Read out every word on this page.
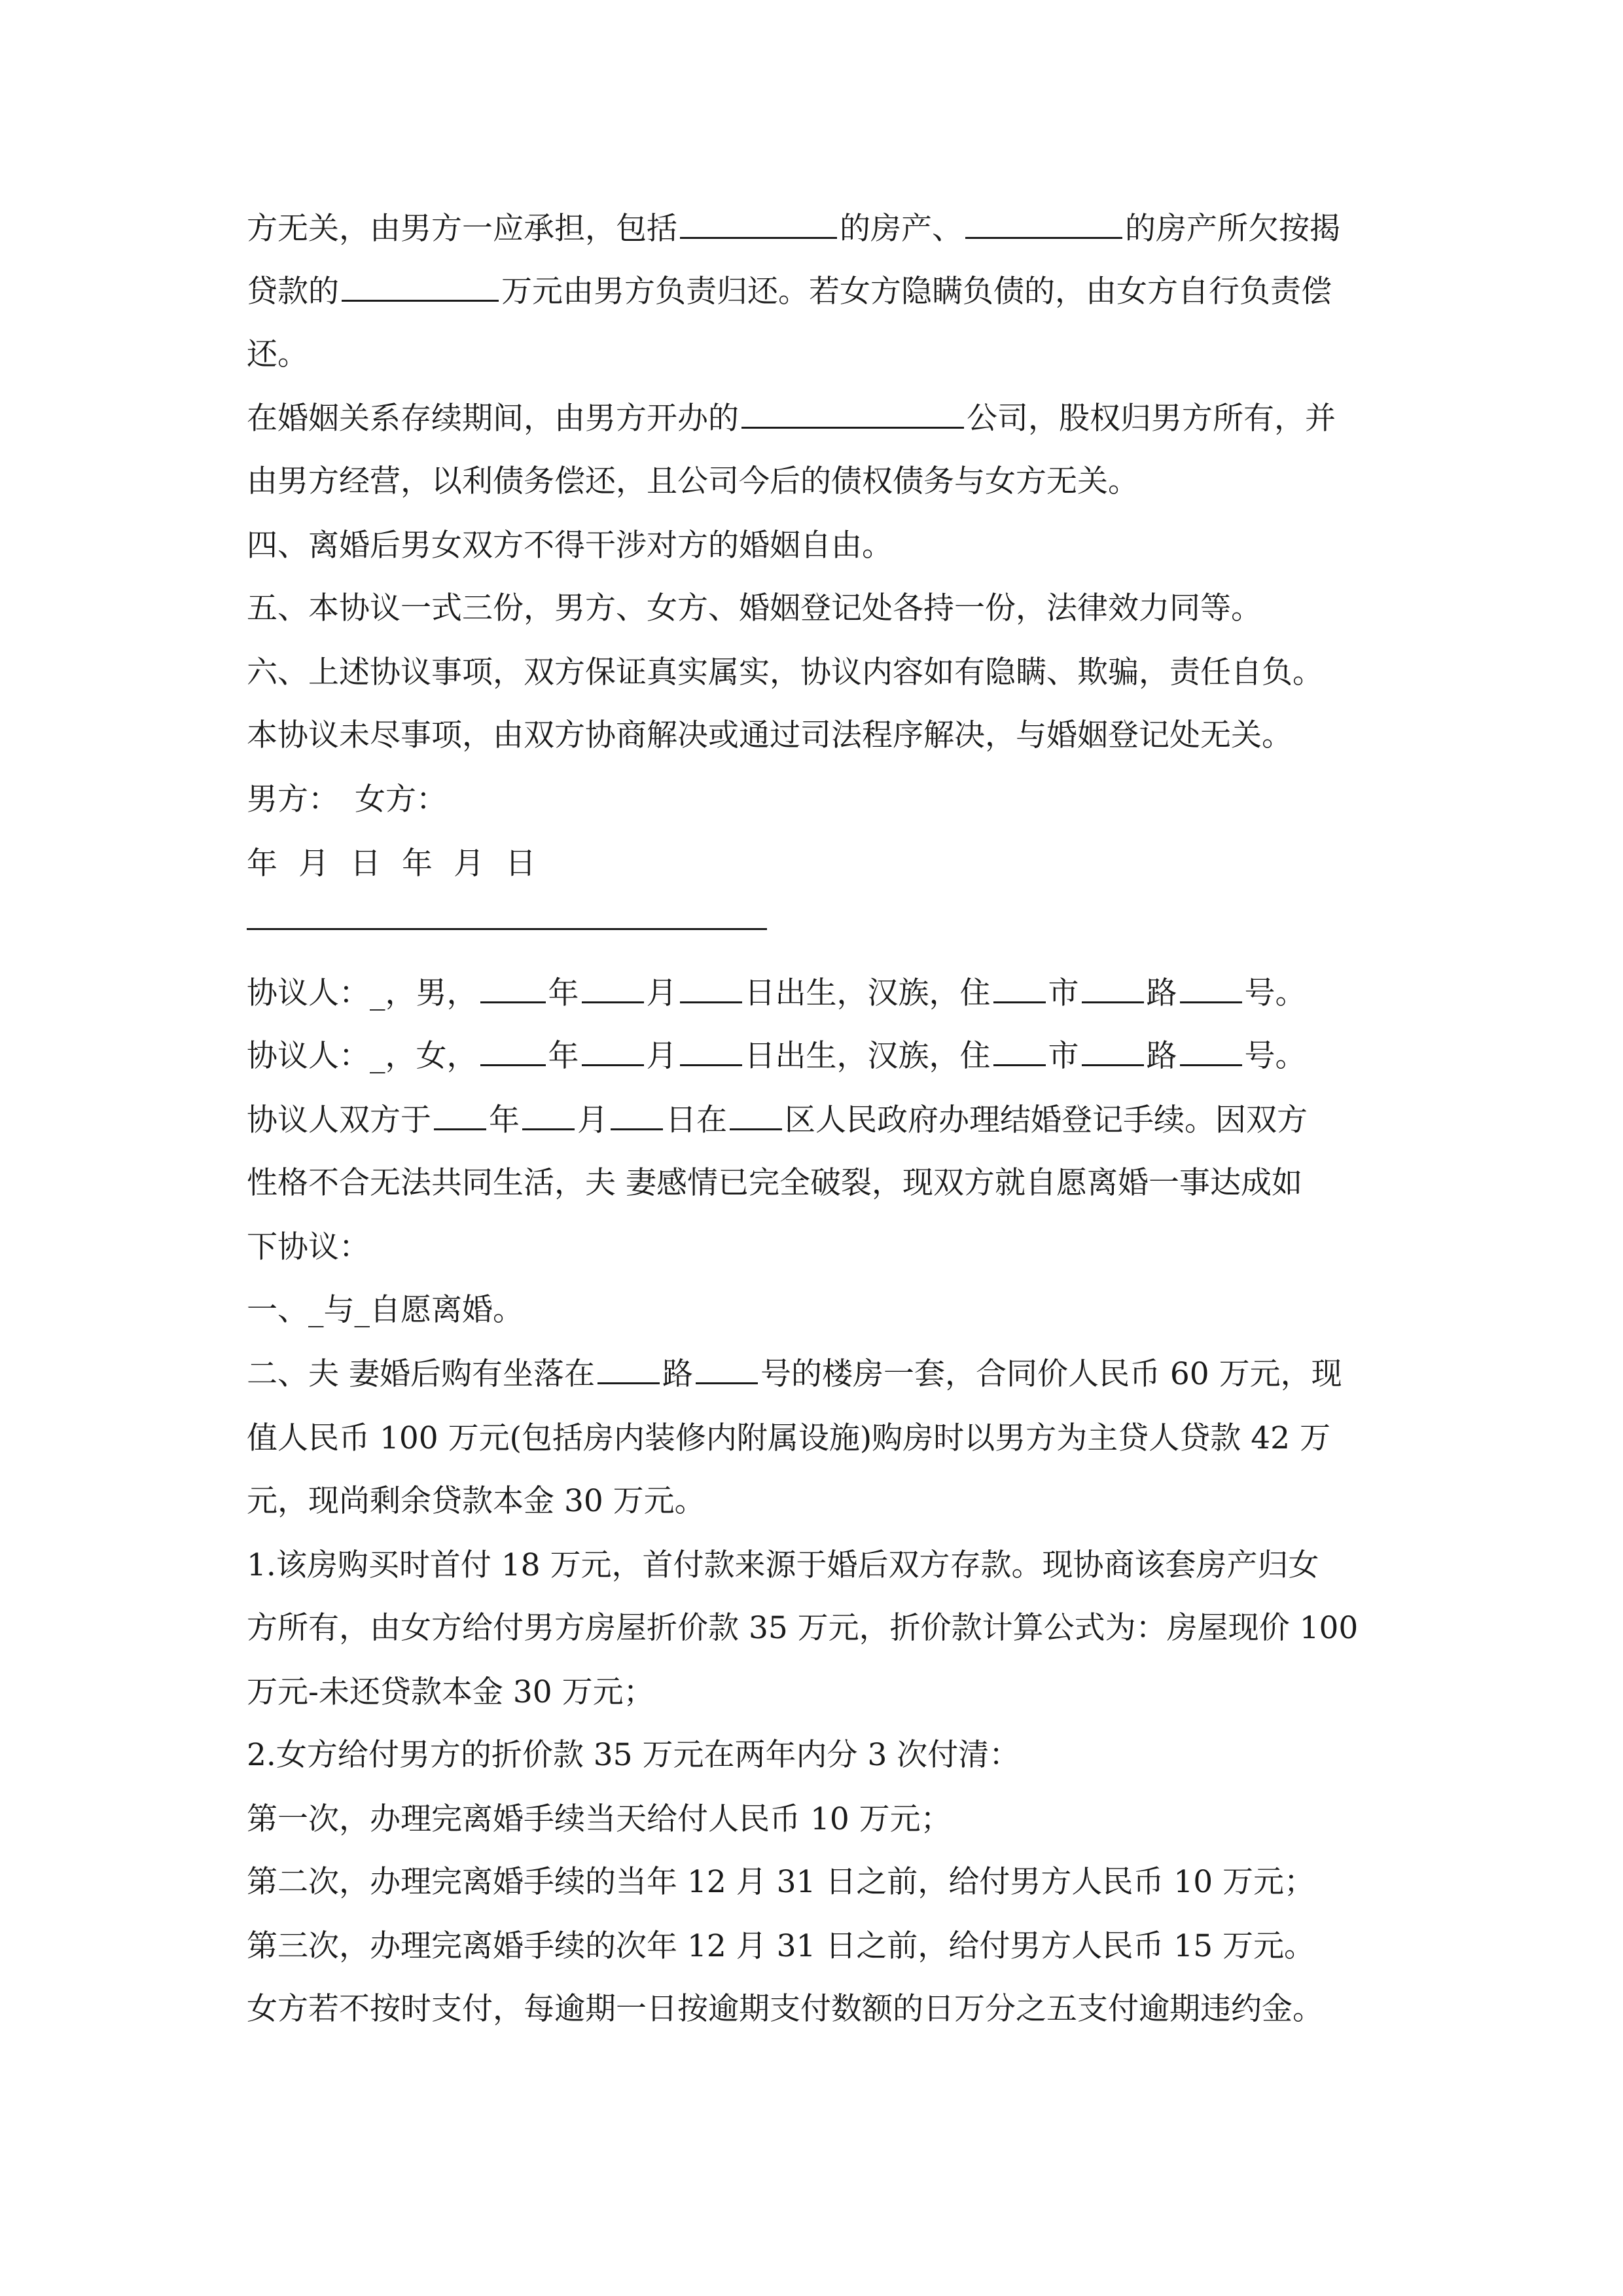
方无关，由男方一应承担，包括	的房产、	的房产所欠按揭
贷款的	万元由男方负责归还。若女方隐瞒负债的，由女方自行负责偿
还。
在婚姻关系存续期间，由男方开办的	公司，股权归男方所有，并
由男方经营，以利债务偿还，且公司今后的债权债务与女方无关。
四、离婚后男女双方不得干涉对方的婚姻自由。
五、本协议一式三份，男方、女方、婚姻登记处各持一份，法律效力同等。
六、上述协议事项，双方保证真实属实，协议内容如有隐瞒、欺骗，责任自负。
本协议未尽事项，由双方协商解决或通过司法程序解决，与婚姻登记处无关。
男方： 女方：
年 月 日 年 月 日
协议人：_，男， 年 月 日出生，汉族，住 市 路 号。
协议人：_，女， 年 月 日出生，汉族，住 市 路 号。
协议人双方于 年 月 日在 区人民政府办理结婚登记手续。因双方
性格不合无法共同生活，夫 妻感情已完全破裂，现双方就自愿离婚一事达成如
下协议：
一、_与_自愿离婚。
二、夫 妻婚后购有坐落在 路 号的楼房一套，合同价人民币 60 万元，现
值人民币 100 万元(包括房内装修内附属设施)购房时以男方为主贷人贷款 42 万
元，现尚剩余贷款本金 30 万元。
1.该房购买时首付 18 万元，首付款来源于婚后双方存款。现协商该套房产归女
方所有，由女方给付男方房屋折价款 35 万元，折价款计算公式为：房屋现价 100
万元-未还贷款本金 30 万元；
2.女方给付男方的折价款 35 万元在两年内分 3 次付清：
第一次，办理完离婚手续当天给付人民币 10 万元；
第二次，办理完离婚手续的当年 12 月 31 日之前，给付男方人民币 10 万元；
第三次，办理完离婚手续的次年 12 月 31 日之前，给付男方人民币 15 万元。
女方若不按时支付，每逾期一日按逾期支付数额的日万分之五支付逾期违约金。
